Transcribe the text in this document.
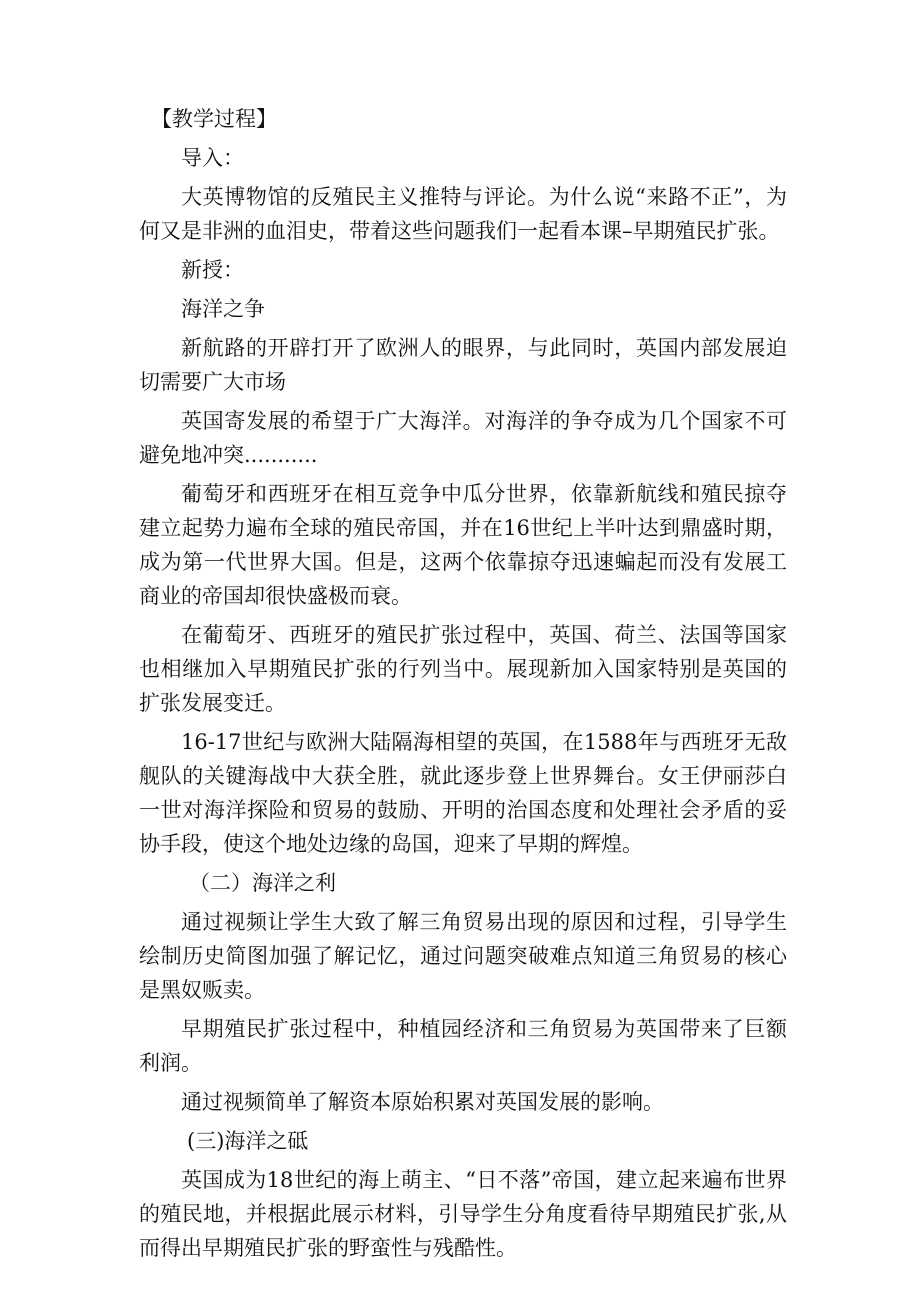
【教学过程】
导入：
大英博物馆的反殖民主义推特与评论。为什么说“来路不正”，为何又是非洲的血泪史，带着这些问题我们一起看本课–早期殖民扩张。
新授：
海洋之争
新航路的开辟打开了欧洲人的眼界，与此同时，英国内部发展迫切需要广大市场
英国寄发展的希望于广大海洋。对海洋的争夺成为几个国家不可避免地冲突...........
葡萄牙和西班牙在相互竞争中瓜分世界，依靠新航线和殖民掠夺建立起势力遍布全球的殖民帝国，并在16世纪上半叶达到鼎盛时期，成为第一代世界大国。但是，这两个依靠掠夺迅速蝙起而没有发展工商业的帝国却很快盛极而衰。
在葡萄牙、西班牙的殖民扩张过程中，英国、荷兰、法国等国家也相继加入早期殖民扩张的行列当中。展现新加入国家特别是英国的扩张发展变迁。
16-17世纪与欧洲大陆隔海相望的英国，在1588年与西班牙无敌舰队的关键海战中大获全胜，就此逐步登上世界舞台。女王伊丽莎白一世对海洋探险和贸易的鼓励、开明的治国态度和处理社会矛盾的妥协手段，使这个地处边缘的岛国，迎来了早期的辉煌。
（二）海洋之利
通过视频让学生大致了解三角贸易出现的原因和过程，引导学生绘制历史简图加强了解记忆，通过问题突破难点知道三角贸易的核心是黑奴贩卖。
早期殖民扩张过程中，种植园经济和三角贸易为英国带来了巨额利润。
通过视频简单了解资本原始积累对英国发展的影响。
(三)海洋之砥
英国成为18世纪的海上萌主、“日不落”帝国，建立起来遍布世界的殖民地，并根据此展示材料，引导学生分角度看待早期殖民扩张,从而得出早期殖民扩张的野蛮性与残酷性。
